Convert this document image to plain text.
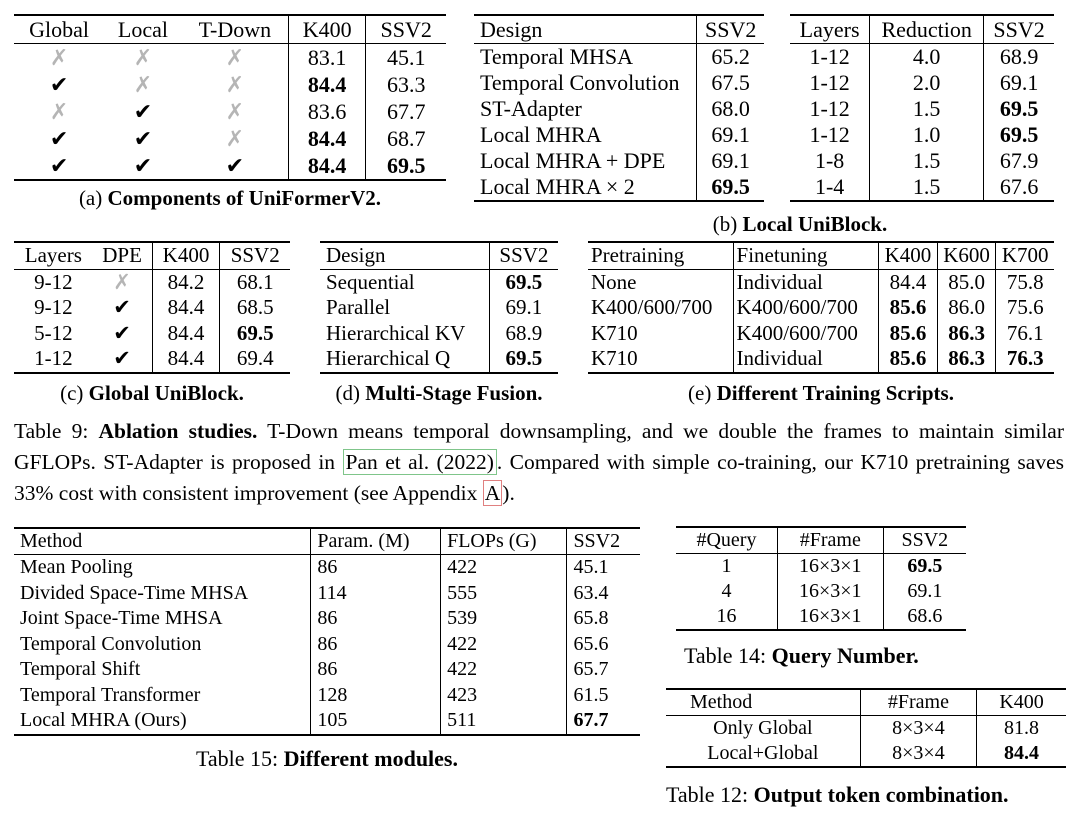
Global	Local	T-Down	K400	SSV2
✗	✗	✗	83.1	45.1
✔	✗	✗	84.4	63.3
✗	✔	✗	83.6	67.7
✔	✔	✗	84.4	68.7
✔	✔	✔	84.4	69.5
(a) Components of UniFormerV2.
Design	SSV2
Temporal MHSA	65.2
Temporal Convolution	67.5
ST-Adapter	68.0
Local MHRA	69.1
Local MHRA + DPE	69.1
Local MHRA × 2	69.5
Layers	Reduction	SSV2
1-12	4.0	68.9
1-12	2.0	69.1
1-12	1.5	69.5
1-12	1.0	69.5
1-8	1.5	67.9
1-4	1.5	67.6
(b) Local UniBlock.
Layers	DPE	K400	SSV2
9-12	✗	84.2	68.1
9-12	✔	84.4	68.5
5-12	✔	84.4	69.5
1-12	✔	84.4	69.4
(c) Global UniBlock.
Design	SSV2
Sequential	69.5
Parallel	69.1
Hierarchical KV	68.9
Hierarchical Q	69.5
(d) Multi-Stage Fusion.
Pretraining	Finetuning	K400	K600	K700
None	Individual	84.4	85.0	75.8
K400/600/700	K400/600/700	85.6	86.0	75.6
K710	K400/600/700	85.6	86.3	76.1
K710	Individual	85.6	86.3	76.3
(e) Different Training Scripts.
Table 9: Ablation studies. T-Down means temporal downsampling, and we double the frames to maintain similar GFLOPs. ST-Adapter is proposed in Pan et al. (2022) . Compared with simple co-training, our K710 pretraining saves 33% cost with consistent improvement (see Appendix A).
Method	Param. (M)	FLOPs (G)	SSV2
Mean Pooling	86	422	45.1
Divided Space-Time MHSA	114	555	63.4
Joint Space-Time MHSA	86	539	65.8
Temporal Convolution	86	422	65.6
Temporal Shift	86	422	65.7
Temporal Transformer	128	423	61.5
Local MHRA (Ours)	105	511	67.7
Table 15: Different modules.
#Query	#Frame	SSV2
1	16×3×1	69.5
4	16×3×1	69.1
16	16×3×1	68.6
Table 14: Query Number.
Method	#Frame	K400
Only Global	8×3×4	81.8
Local+Global	8×3×4	84.4
Table 12: Output token combination.
